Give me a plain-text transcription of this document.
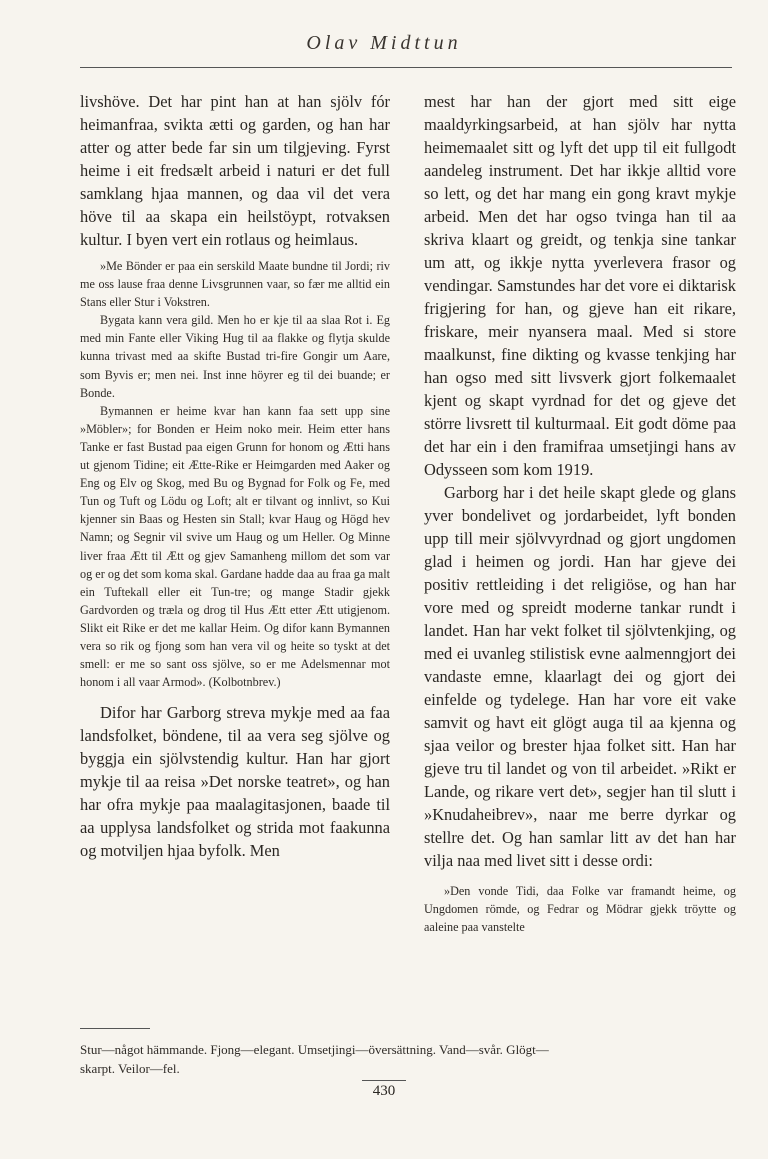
Olav Midttun

livshöve. Det har pint han at han sjölv fór heimanfraa, svikta ætti og garden, og han har atter og atter bede far sin um tilgjeving. Fyrst heime i eit fredsælt arbeid i naturi er det full samklang hjaa mannen, og daa vil det vera höve til aa skapa ein heilstöypt, rotvaksen kultur. I byen vert ein rotlaus og heimlaus.

»Me Bönder er paa ein serskild Maate bundne til Jordi; riv me oss lause fraa denne Livsgrunnen vaar, so fær me alltid ein Stans eller Stur i Vokstren.

Bygata kann vera gild. Men ho er kje til aa slaa Rot i. Eg med min Fante eller Viking Hug til aa flakke og flytja skulde kunna trivast med aa skifte Bustad tri-fire Gongir um Aare, som Byvis er; men nei. Inst inne höyrer eg til dei buande; er Bonde.

Bymannen er heime kvar han kann faa sett upp sine »Möbler»; for Bonden er Heim noko meir. Heim etter hans Tanke er fast Bustad paa eigen Grunn for honom og Ætti hans ut gjenom Tidine; eit Ætte-Rike er Heimgarden med Aaker og Eng og Elv og Skog, med Bu og Bygnad for Folk og Fe, med Tun og Tuft og Lödu og Loft; alt er tilvant og innlivt, so Kui kjenner sin Baas og Hesten sin Stall; kvar Haug og Högd hev Namn; og Segnir vil svive um Haug og um Heller. Og Minne liver fraa Ætt til Ætt og gjev Samanheng millom det som var og er og det som koma skal. Gardane hadde daa au fraa ga malt ein Tuftekall eller eit Tun-tre; og mange Stadir gjekk Gardvorden og træla og drog til Hus Ætt etter Ætt utigjenom. Slikt eit Rike er det me kallar Heim. Og difor kann Bymannen vera so rik og fjong som han vera vil og heite so tyskt at det smell: er me so sant oss sjölve, so er me Adelsmennar mot honom i all vaar Armod». (Kolbotnbrev.)

Difor har Garborg streva mykje med aa faa landsfolket, böndene, til aa vera seg sjölve og byggja ein sjölvstendig kultur. Han har gjort mykje til aa reisa »Det norske teatret», og han har ofra mykje paa maalagitasjonen, baade til aa upplysa landsfolket og strida mot faakunna og motviljen hjaa byfolk. Men

mest har han der gjort med sitt eige maaldyrkingsarbeid, at han sjölv har nytta heimemaalet sitt og lyft det upp til eit fullgodt aandeleg instrument. Det har ikkje alltid vore so lett, og det har mang ein gong kravt mykje arbeid. Men det har ogso tvinga han til aa skriva klaart og greidt, og tenkja sine tankar um att, og ikkje nytta yverlevera frasor og vendingar. Samstundes har det vore ei diktarisk frigjering for han, og gjeve han eit rikare, friskare, meir nyansera maal. Med si store maalkunst, fine dikting og kvasse tenkjing har han ogso med sitt livsverk gjort folkemaalet kjent og skapt vyrdnad for det og gjeve det större livsrett til kulturmaal. Eit godt döme paa det har ein i den framifraa umsetjingi hans av Odysseen som kom 1919.

Garborg har i det heile skapt glede og glans yver bondelivet og jordarbeidet, lyft bonden upp till meir sjölvvyrdnad og gjort ungdomen glad i heimen og jordi. Han har gjeve dei positiv rettleiding i det religiöse, og han har vore med og spreidt moderne tankar rundt i landet. Han har vekt folket til sjölvtenkjing, og med ei uvanleg stilistisk evne aalmenngjort dei vandaste emne, klaarlagt dei og gjort dei einfelde og tydelege. Han har vore eit vake samvit og havt eit glögt auga til aa kjenna og sjaa veilor og brester hjaa folket sitt. Han har gjeve tru til landet og von til arbeidet. »Rikt er Lande, og rikare vert det», segjer han til slutt i »Knudaheibrev», naar me berre dyrkar og stellre det. Og han samlar litt av det han har vilja naa med livet sitt i desse ordi:

»Den vonde Tidi, daa Folke var framandt heime, og Ungdomen römde, og Fedrar og Mödrar gjekk tröytte og aaleine paa vanstelte

Stur—något hämmande. Fjong—elegant. Umsetjingi—översättning. Vand—svår. Glögt—
skarpt. Veilor—fel.
430
